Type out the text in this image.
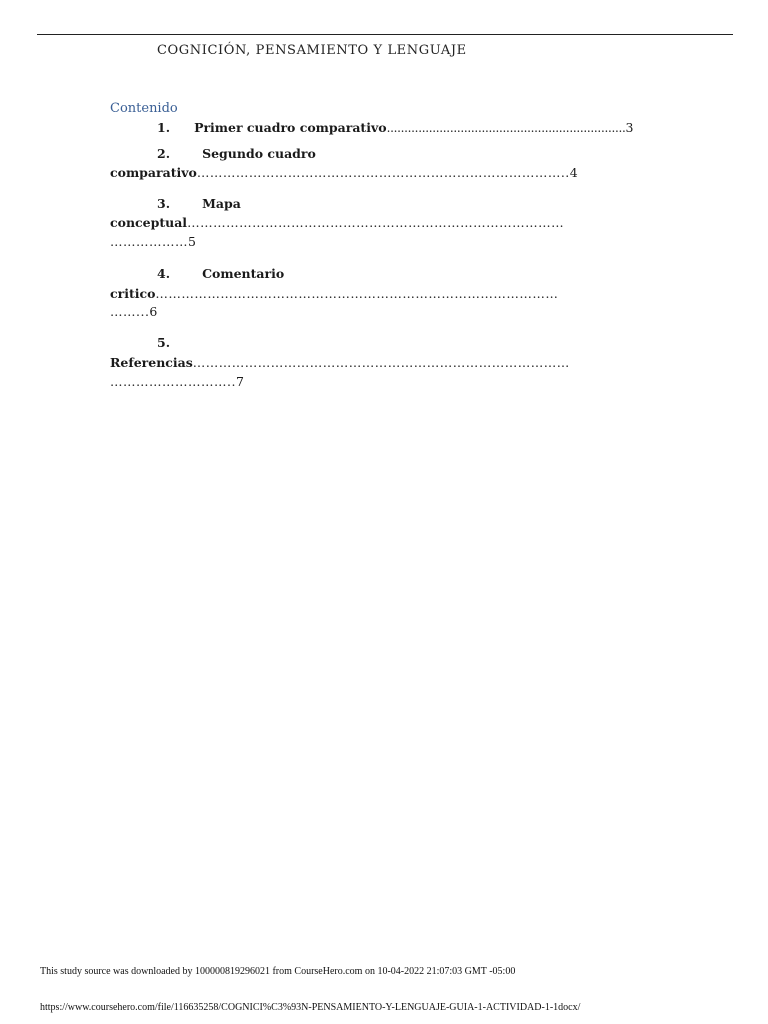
COGNICIÓN, PENSAMIENTO Y LENGUAJE
Contenido
1. Primer cuadro comparativo....................................................................3
2.	Segundo cuadro
comparativo…………………………………………………………………………..4
3.	Mapa
conceptual……………………………………………………………………………
………………5
4.	Comentario
critico…………………………………………………………………………………
……...6
5.
Referencias……………………………………………………………………………
………………………..7
This study source was downloaded by 100000819296021 from CourseHero.com on 10-04-2022 21:07:03 GMT -05:00
https://www.coursehero.com/file/116635258/COGNICI%C3%93N-PENSAMIENTO-Y-LENGUAJE-GUIA-1-ACTIVIDAD-1-1docx/
